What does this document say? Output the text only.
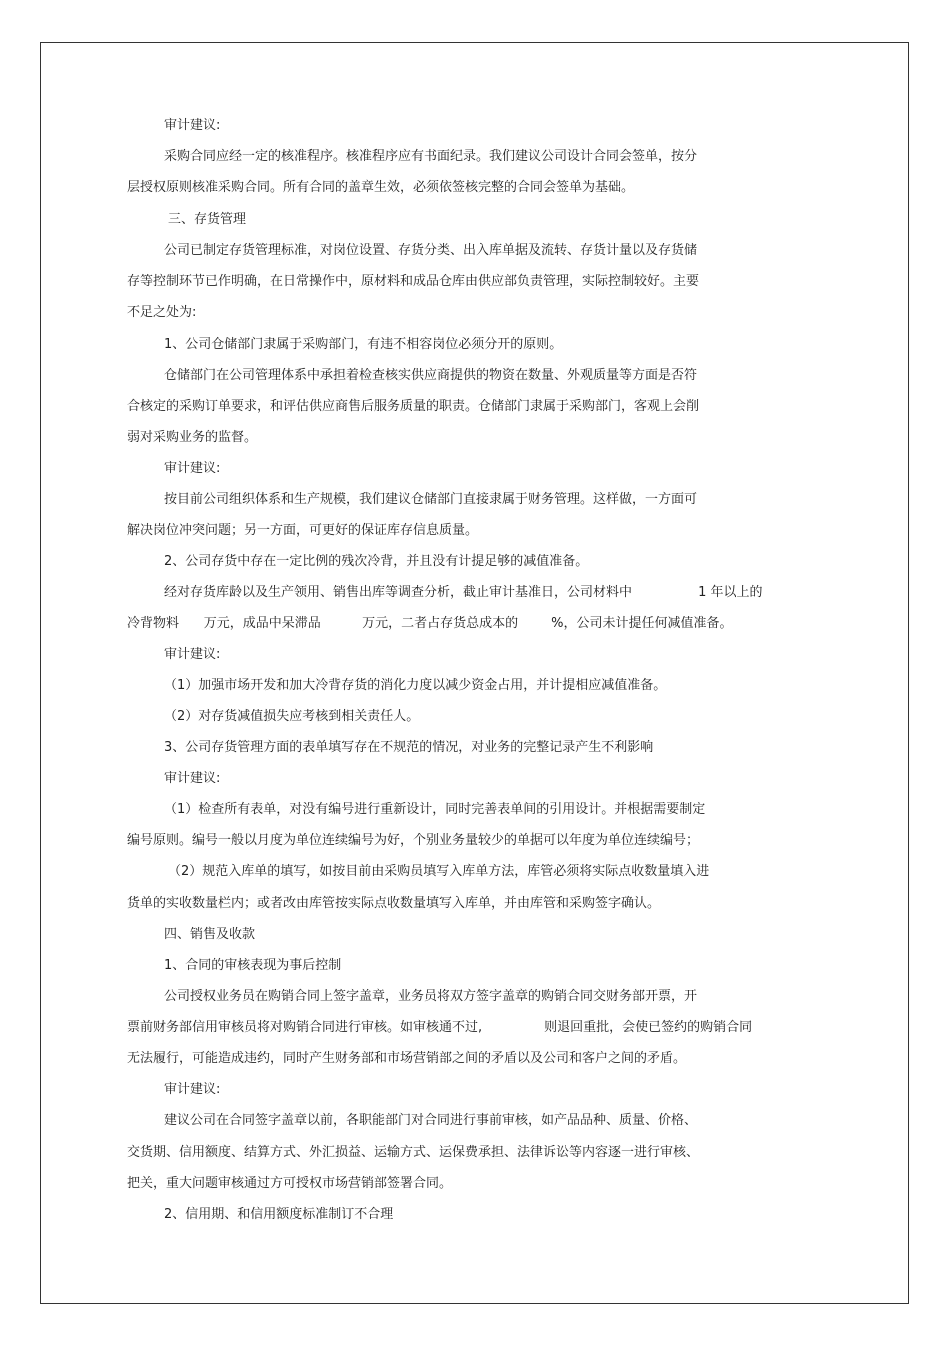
审计建议:
采购合同应经一定的核准程序。核准程序应有书面纪录。我们建议公司设计合同会签单，按分
层授权原则核准采购合同。所有合同的盖章生效，必须依签核完整的合同会签单为基础。
三、存货管理
公司已制定存货管理标准，对岗位设置、存货分类、出入库单据及流转、存货计量以及存货储
存等控制环节已作明确，在日常操作中，原材料和成品仓库由供应部负责管理，实际控制较好。主要
不足之处为:
1、公司仓储部门隶属于采购部门，有违不相容岗位必须分开的原则。
仓储部门在公司管理体系中承担着检查核实供应商提供的物资在数量、外观质量等方面是否符
合核定的采购订单要求，和评估供应商售后服务质量的职责。仓储部门隶属于采购部门，客观上会削
弱对采购业务的监督。
审计建议:
按目前公司组织体系和生产规模，我们建议仓储部门直接隶属于财务管理。这样做，一方面可
解决岗位冲突问题；另一方面，可更好的保证库存信息质量。
2、公司存货中存在一定比例的残次冷背，并且没有计提足够的减值准备。
经对存货库龄以及生产领用、销售出库等调查分析，截止审计基准日，公司材料中                1 年以上的
冷背物料      万元，成品中呆滞品          万元，二者占存货总成本的        %，公司未计提任何减值准备。
审计建议:
（1）加强市场开发和加大冷背存货的消化力度以减少资金占用，并计提相应减值准备。
（2）对存货减值损失应考核到相关责任人。
3、公司存货管理方面的表单填写存在不规范的情况，对业务的完整记录产生不利影响
审计建议:
（1）检查所有表单，对没有编号进行重新设计，同时完善表单间的引用设计。并根据需要制定
编号原则。编号一般以月度为单位连续编号为好，个别业务量较少的单据可以年度为单位连续编号；
（2）规范入库单的填写，如按目前由采购员填写入库单方法，库管必须将实际点收数量填入进
货单的实收数量栏内；或者改由库管按实际点收数量填写入库单，并由库管和采购签字确认。
四、销售及收款
1、合同的审核表现为事后控制
公司授权业务员在购销合同上签字盖章，业务员将双方签字盖章的购销合同交财务部开票，开
票前财务部信用审核员将对购销合同进行审核。如审核通不过,               则退回重批，会使已签约的购销合同
无法履行，可能造成违约，同时产生财务部和市场营销部之间的矛盾以及公司和客户之间的矛盾。
审计建议:
建议公司在合同签字盖章以前，各职能部门对合同进行事前审核，如产品品种、质量、价格、
交货期、信用额度、结算方式、外汇损益、运输方式、运保费承担、法律诉讼等内容逐一进行审核、
把关，重大问题审核通过方可授权市场营销部签署合同。
2、信用期、和信用额度标准制订不合理
